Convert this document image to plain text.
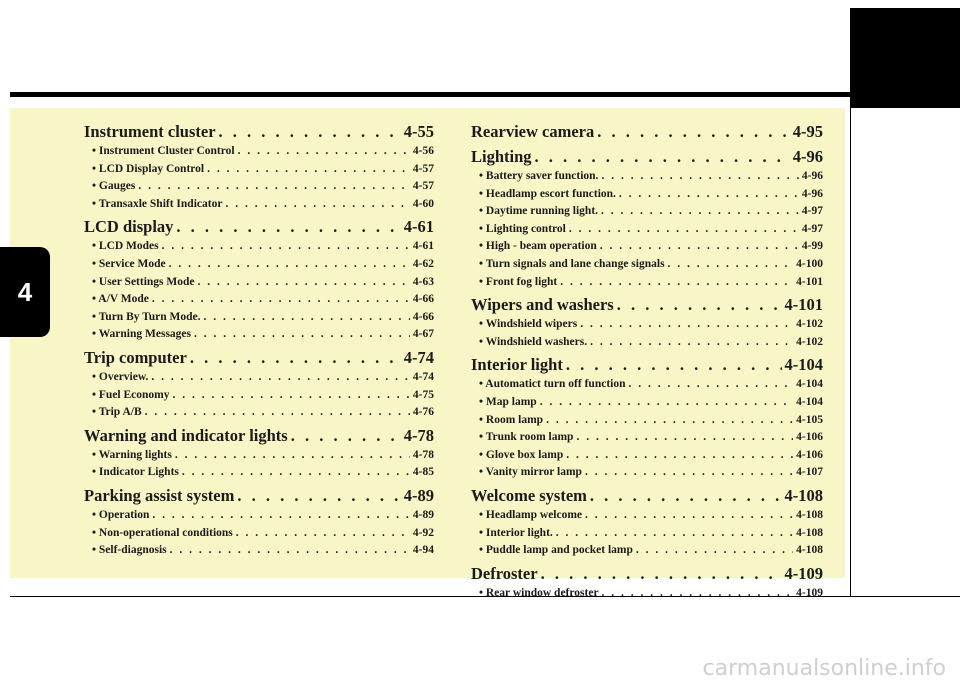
4
Instrument cluster . . .	4-55
• Instrument Cluster Control . . .	4-56
• LCD Display Control . . .	4-57
• Gauges . . .	4-57
• Transaxle Shift Indicator . . .	4-60
LCD display . . .	4-61
• LCD Modes . . .	4-61
• Service Mode . . .	4-62
• User Settings Mode . . .	4-63
• A/V Mode . . .	4-66
• Turn By Turn Mode. . . .	4-66
• Warning Messages . . .	4-67
Trip computer . . .	4-74
• Overview. . . .	4-74
• Fuel Economy . . .	4-75
• Trip A/B . . .	4-76
Warning and indicator lights . . .	4-78
• Warning lights . . .	4-78
• Indicator Lights . . .	4-85
Parking assist system . . .	4-89
• Operation . . .	4-89
• Non-operational conditions . . .	4-92
• Self-diagnosis . . .	4-94
Rearview camera . . .	4-95
Lighting . . .	4-96
• Battery saver function. . . .	4-96
• Headlamp escort function. . . .	4-96
• Daytime running light. . . .	4-97
• Lighting control . . .	4-97
• High - beam operation . . .	4-99
• Turn signals and lane change signals . . .	4-100
• Front fog light . . .	4-101
Wipers and washers . . .	4-101
• Windshield wipers . . .	4-102
• Windshield washers. . . .	4-102
Interior light . . .	4-104
• Automatict turn off function . . .	4-104
• Map lamp . . .	4-104
• Room lamp . . .	4-105
• Trunk room lamp . . .	4-106
• Glove box lamp . . .	4-106
• Vanity mirror lamp . . .	4-107
Welcome system . . .	4-108
• Headlamp welcome . . .	4-108
• Interior light. . . .	4-108
• Puddle lamp and pocket lamp . . .	4-108
Defroster . . .	4-109
• Rear window defroster . . .	4-109
carmanualsonline.info
